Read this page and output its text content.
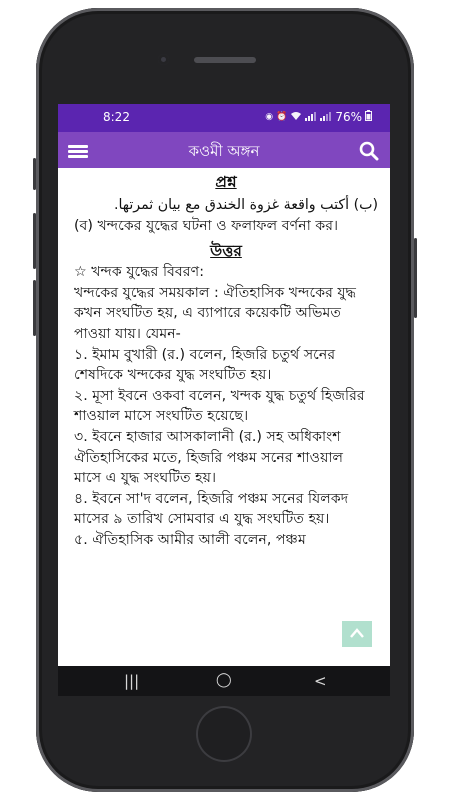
8:22	◉ ⏰	76%
কওমী অঙ্গন

প্রশ্ন

(ب) أكتب واقعة غزوة الخندق مع بيان ثمرتها.

(ব) খন্দকের যুদ্ধের ঘটনা ও ফলাফল বর্ণনা কর।

উত্তর

☆ খন্দক যুদ্ধের বিবরণ:

খন্দকের যুদ্ধের সময়কাল : ঐতিহাসিক খন্দকের যুদ্ধ কখন সংঘটিত হয়, এ ব্যাপারে কয়েকটি অভিমত পাওয়া যায়। যেমন-

১. ইমাম বুখারী (র.) বলেন, হিজরি চতুর্থ সনের শেষদিকে খন্দকের যুদ্ধ সংঘটিত হয়।

২. মূসা ইবনে ওকবা বলেন, খন্দক যুদ্ধ চতুর্থ হিজরির শাওয়াল মাসে সংঘটিত হয়েছে।

৩. ইবনে হাজার আসকালানী (র.) সহ অধিকাংশ ঐতিহাসিকের মতে, হিজরি পঞ্চম সনের শাওয়াল

মাসে এ যুদ্ধ সংঘটিত হয়।

৪. ইবনে সা'দ বলেন, হিজরি পঞ্চম সনের যিলকদ মাসের ৯ তারিখ সোমবার এ যুদ্ধ সংঘটিত হয়।

৫. ঐতিহাসিক আমীর আলী বলেন, পঞ্চম

|||	◯	<
